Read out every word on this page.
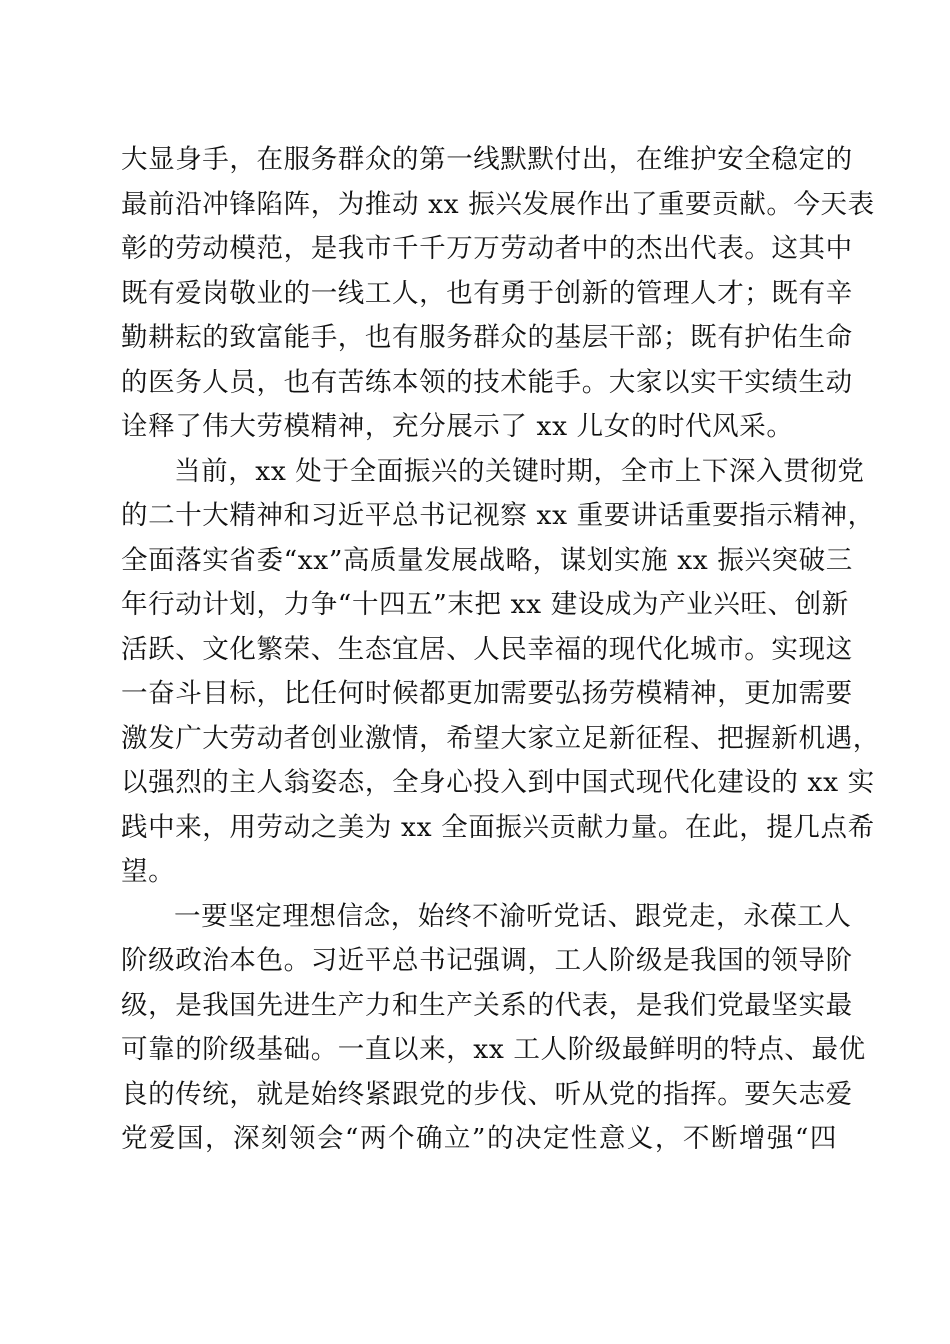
大显身手，在服务群众的第一线默默付出，在维护安全稳定的
最前沿冲锋陷阵，为推动 xx 振兴发展作出了重要贡献。今天表
彰的劳动模范，是我市千千万万劳动者中的杰出代表。这其中
既有爱岗敬业的一线工人，也有勇于创新的管理人才；既有辛
勤耕耘的致富能手，也有服务群众的基层干部；既有护佑生命
的医务人员，也有苦练本领的技术能手。大家以实干实绩生动
诠释了伟大劳模精神，充分展示了 xx 儿女的时代风采。
当前，xx 处于全面振兴的关键时期，全市上下深入贯彻党
的二十大精神和习近平总书记视察 xx 重要讲话重要指示精神，
全面落实省委“xx”高质量发展战略，谋划实施 xx 振兴突破三
年行动计划，力争“十四五”末把 xx 建设成为产业兴旺、创新
活跃、文化繁荣、生态宜居、人民幸福的现代化城市。实现这
一奋斗目标，比任何时候都更加需要弘扬劳模精神，更加需要
激发广大劳动者创业激情，希望大家立足新征程、把握新机遇，
以强烈的主人翁姿态，全身心投入到中国式现代化建设的 xx 实
践中来，用劳动之美为 xx 全面振兴贡献力量。在此，提几点希
望。
一要坚定理想信念，始终不渝听党话、跟党走，永葆工人
阶级政治本色。习近平总书记强调，工人阶级是我国的领导阶
级，是我国先进生产力和生产关系的代表，是我们党最坚实最
可靠的阶级基础。一直以来，xx 工人阶级最鲜明的特点、最优
良的传统，就是始终紧跟党的步伐、听从党的指挥。要矢志爱
党爱国，深刻领会“两个确立”的决定性意义，不断增强“四
